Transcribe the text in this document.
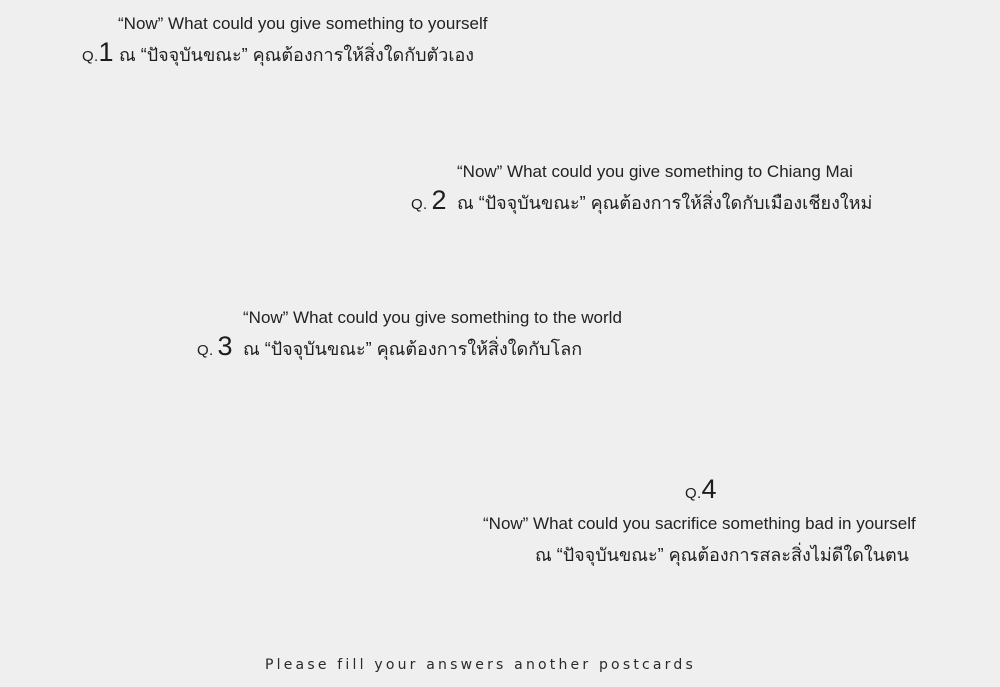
“Now” What could you give something to yourself
Q.1 ณ “ปัจจุบันขณะ” คุณต้องการให้สิ่งใดกับตัวเอง
“Now” What could you give something to Chiang Mai
Q. 2 ณ “ปัจจุบันขณะ” คุณต้องการให้สิ่งใดกับเมืองเชียงใหม่
“Now” What could you give something to the world
Q. 3 ณ “ปัจจุบันขณะ” คุณต้องการให้สิ่งใดกับโลก
Q.4
“Now” What could you sacrifice something bad in yourself
ณ “ปัจจุบันขณะ” คุณต้องการสละสิ่งไม่ดีใดในตน
Please fill your answers another postcards
